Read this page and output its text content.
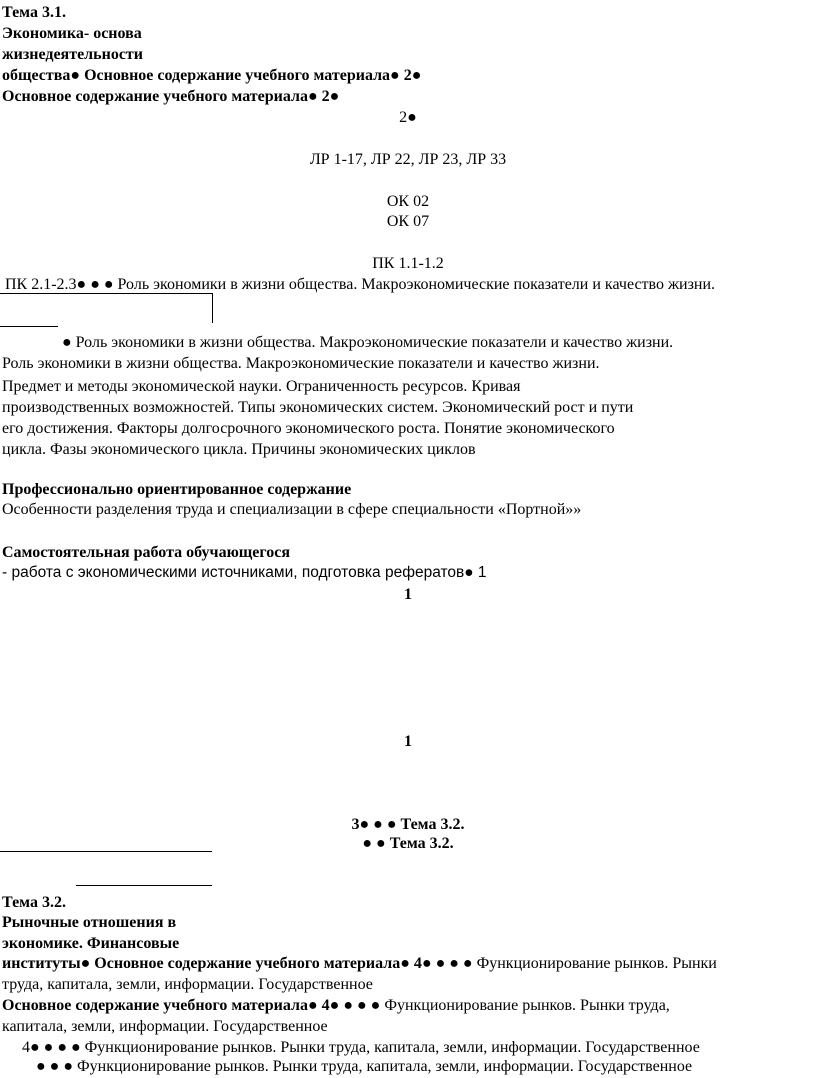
Тема 3.1.
Экономика- основа
жизнедеятельности
общества● Основное содержание учебного материала● 2●
Основное содержание учебного материала● 2●
2●
ЛР 1-17, ЛР 22, ЛР 23, ЛР 33
ОК 02
ОК 07
ПК 1.1-1.2
ПК 2.1-2.3● ● ● Роль экономики в жизни общества. Макроэкономические показатели и качество жизни.
● Роль экономики в жизни общества. Макроэкономические показатели и качество жизни.
Роль экономики в жизни общества. Макроэкономические показатели и качество жизни.
Предмет и методы экономической науки. Ограниченность ресурсов. Кривая
производственных возможностей. Типы экономических систем. Экономический рост и пути
его достижения. Факторы долгосрочного экономического роста. Понятие экономического
цикла. Фазы экономического цикла. Причины экономических циклов
Профессионально ориентированное содержание
Особенности разделения труда и специализации в сфере специальности «Портной»»
Самостоятельная работа обучающегося
- работа с экономическими источниками, подготовка рефератов● 1
1
1
3● ● ● Тема 3.2.
● ● Тема 3.2.
Тема 3.2.
Рыночные отношения в
экономике. Финансовые
институты● Основное содержание учебного материала● 4● ● ● ● Функционирование рынков. Рынки
труда, капитала, земли, информации. Государственное
Основное содержание учебного материала● 4● ● ● ● Функционирование рынков. Рынки труда,
капитала, земли, информации. Государственное
4● ● ● ● Функционирование рынков. Рынки труда, капитала, земли, информации. Государственное
● ● ● Функционирование рынков. Рынки труда, капитала, земли, информации. Государственное
